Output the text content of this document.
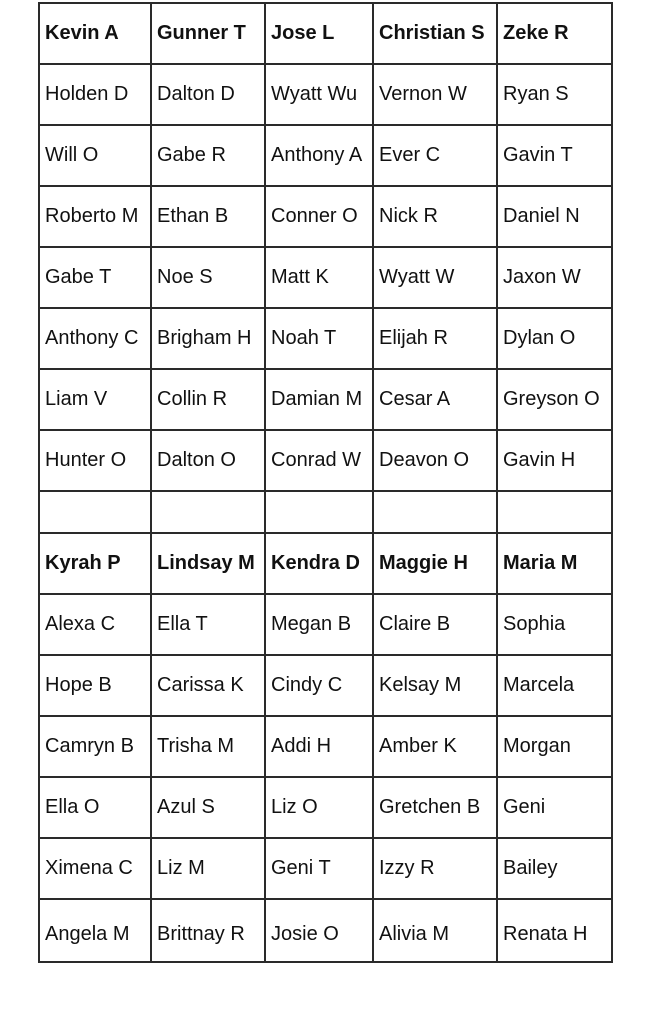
Kevin A	Gunner T	Jose L	Christian S	Zeke R
Holden D	Dalton D	Wyatt Wu	Vernon W	Ryan S
Will O	Gabe R	Anthony A	Ever C	Gavin T
Roberto M	Ethan B	Conner O	Nick R	Daniel N
Gabe T	Noe S	Matt K	Wyatt W	Jaxon W
Anthony C	Brigham H	Noah T	Elijah R	Dylan O
Liam V	Collin R	Damian M	Cesar A	Greyson O
Hunter O	Dalton O	Conrad W	Deavon O	Gavin H

Kyrah P	Lindsay M	Kendra D	Maggie H	Maria M
Alexa C	Ella T	Megan B	Claire B	Sophia
Hope B	Carissa K	Cindy C	Kelsay M	Marcela
Camryn B	Trisha M	Addi H	Amber K	Morgan
Ella O	Azul S	Liz O	Gretchen B	Geni
Ximena C	Liz M	Geni T	Izzy R	Bailey
Angela M	Brittnay R	Josie O	Alivia M	Renata H
